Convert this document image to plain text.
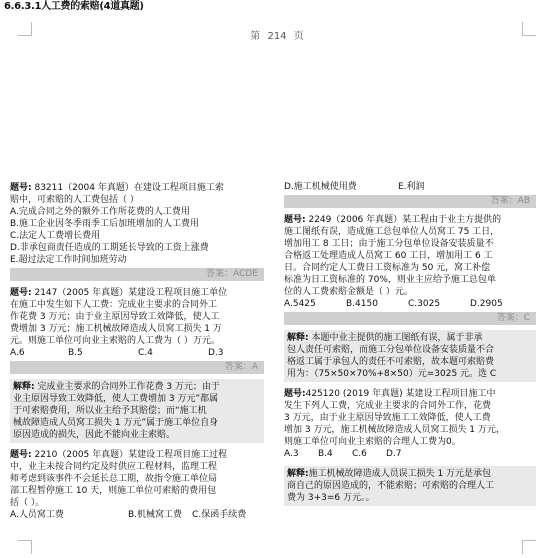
6.6.3.1人工费的索赔(4道真题)
第 214 页

题号: 83211（2004 年真题）在建设工程项目施工索

赔中，可索赔的人工费包括（ ）

A.完成合同之外的额外工作所花费的人工费用

B.施工企业因冬季雨季工后加班增加的人工费用

C.法定人工费增长费用

D.非承包商责任造成的工期延长导致的工资上涨费

E.超过法定工作时间加班劳动

答案：ACDE

题号: 2147（2005 年真题）某建设工程项目施工单位

在施工中发生如下人工费：完成业主要求的合同外工

作花费 3 万元；由于业主原因导致工效降低，使人工

费增加 3 万元；施工机械故障造成人员窝工损失 1 万

元。则施工单位可向业主索赔的人工费为（ ）万元。

A.6	B.5	C.4	D.3
答案：A

解释: 完成业主要求的合同外工作花费 3 万元；由于

业主原因导致工效降低，使人工费增加 3 万元”都属

于可索赔费用，所以业主给予其赔偿；而“施工机

械故障造成人员窝工损失 1 万元”属于施工单位自身

原因造成的损失，因此不能向业主索赔。

题号: 2210（2005 年真题）某建设工程项目施工过程

中，业主未按合同约定及时供应工程材料，监理工程

师考虑到该事件不会延长总工期，故指令施工单位局

部工程暂停施工 10 天，则施工单位可索赔的费用包

括（ ）。

A.人员窝工费	B.机械窝工费 C.保函手续费
D.施工机械使用费	E.利润
答案：AB

题号: 2249（2006 年真题）某工程由于业主方提供的

施工图纸有误，造成施工总包单位人员窝工 75 工日，

增加用工 8 工日；由于施工分包单位设备安装质量不

合格返工处理造成人员窝工 60 工日，增加用工 6 工

日。合同约定人工费日工资标准为 50 元，窝工补偿

标准为日工资标准的 70%，则业主应给予施工总包单

位的人工费索赔金额是（ ）元。

A.5425	B.4150	C.3025	D.2905
答案：C

解释: 本题中业主提供的施工图纸有误，属于非承

包人责任可索赔，而施工分包单位设备安装质量不合

格返工属于承包人的责任不可索赔，故本题可索赔费

用为：（75×50×70%+8×50）元=3025 元。选 C

题号:425120 (2019 年真题) 某建设工程项目施工中

发生下列人工费，完成业主要求的合同外工作，花费

3 万元，由于业主原因导致施工工效降低，使人工费

增加 3 万元，施工机械故障造成人员窝工损失 1 万元，

则施工单位可向业主索赔的合理人工费为0。

A.3	B.4	C.6	D.7

解释:施工机械故障造成人员误工损失 1 万元是承包

商自己的原因造成的，不能索赔；可索赔的合理人工

费为 3+3=6 万元。。
